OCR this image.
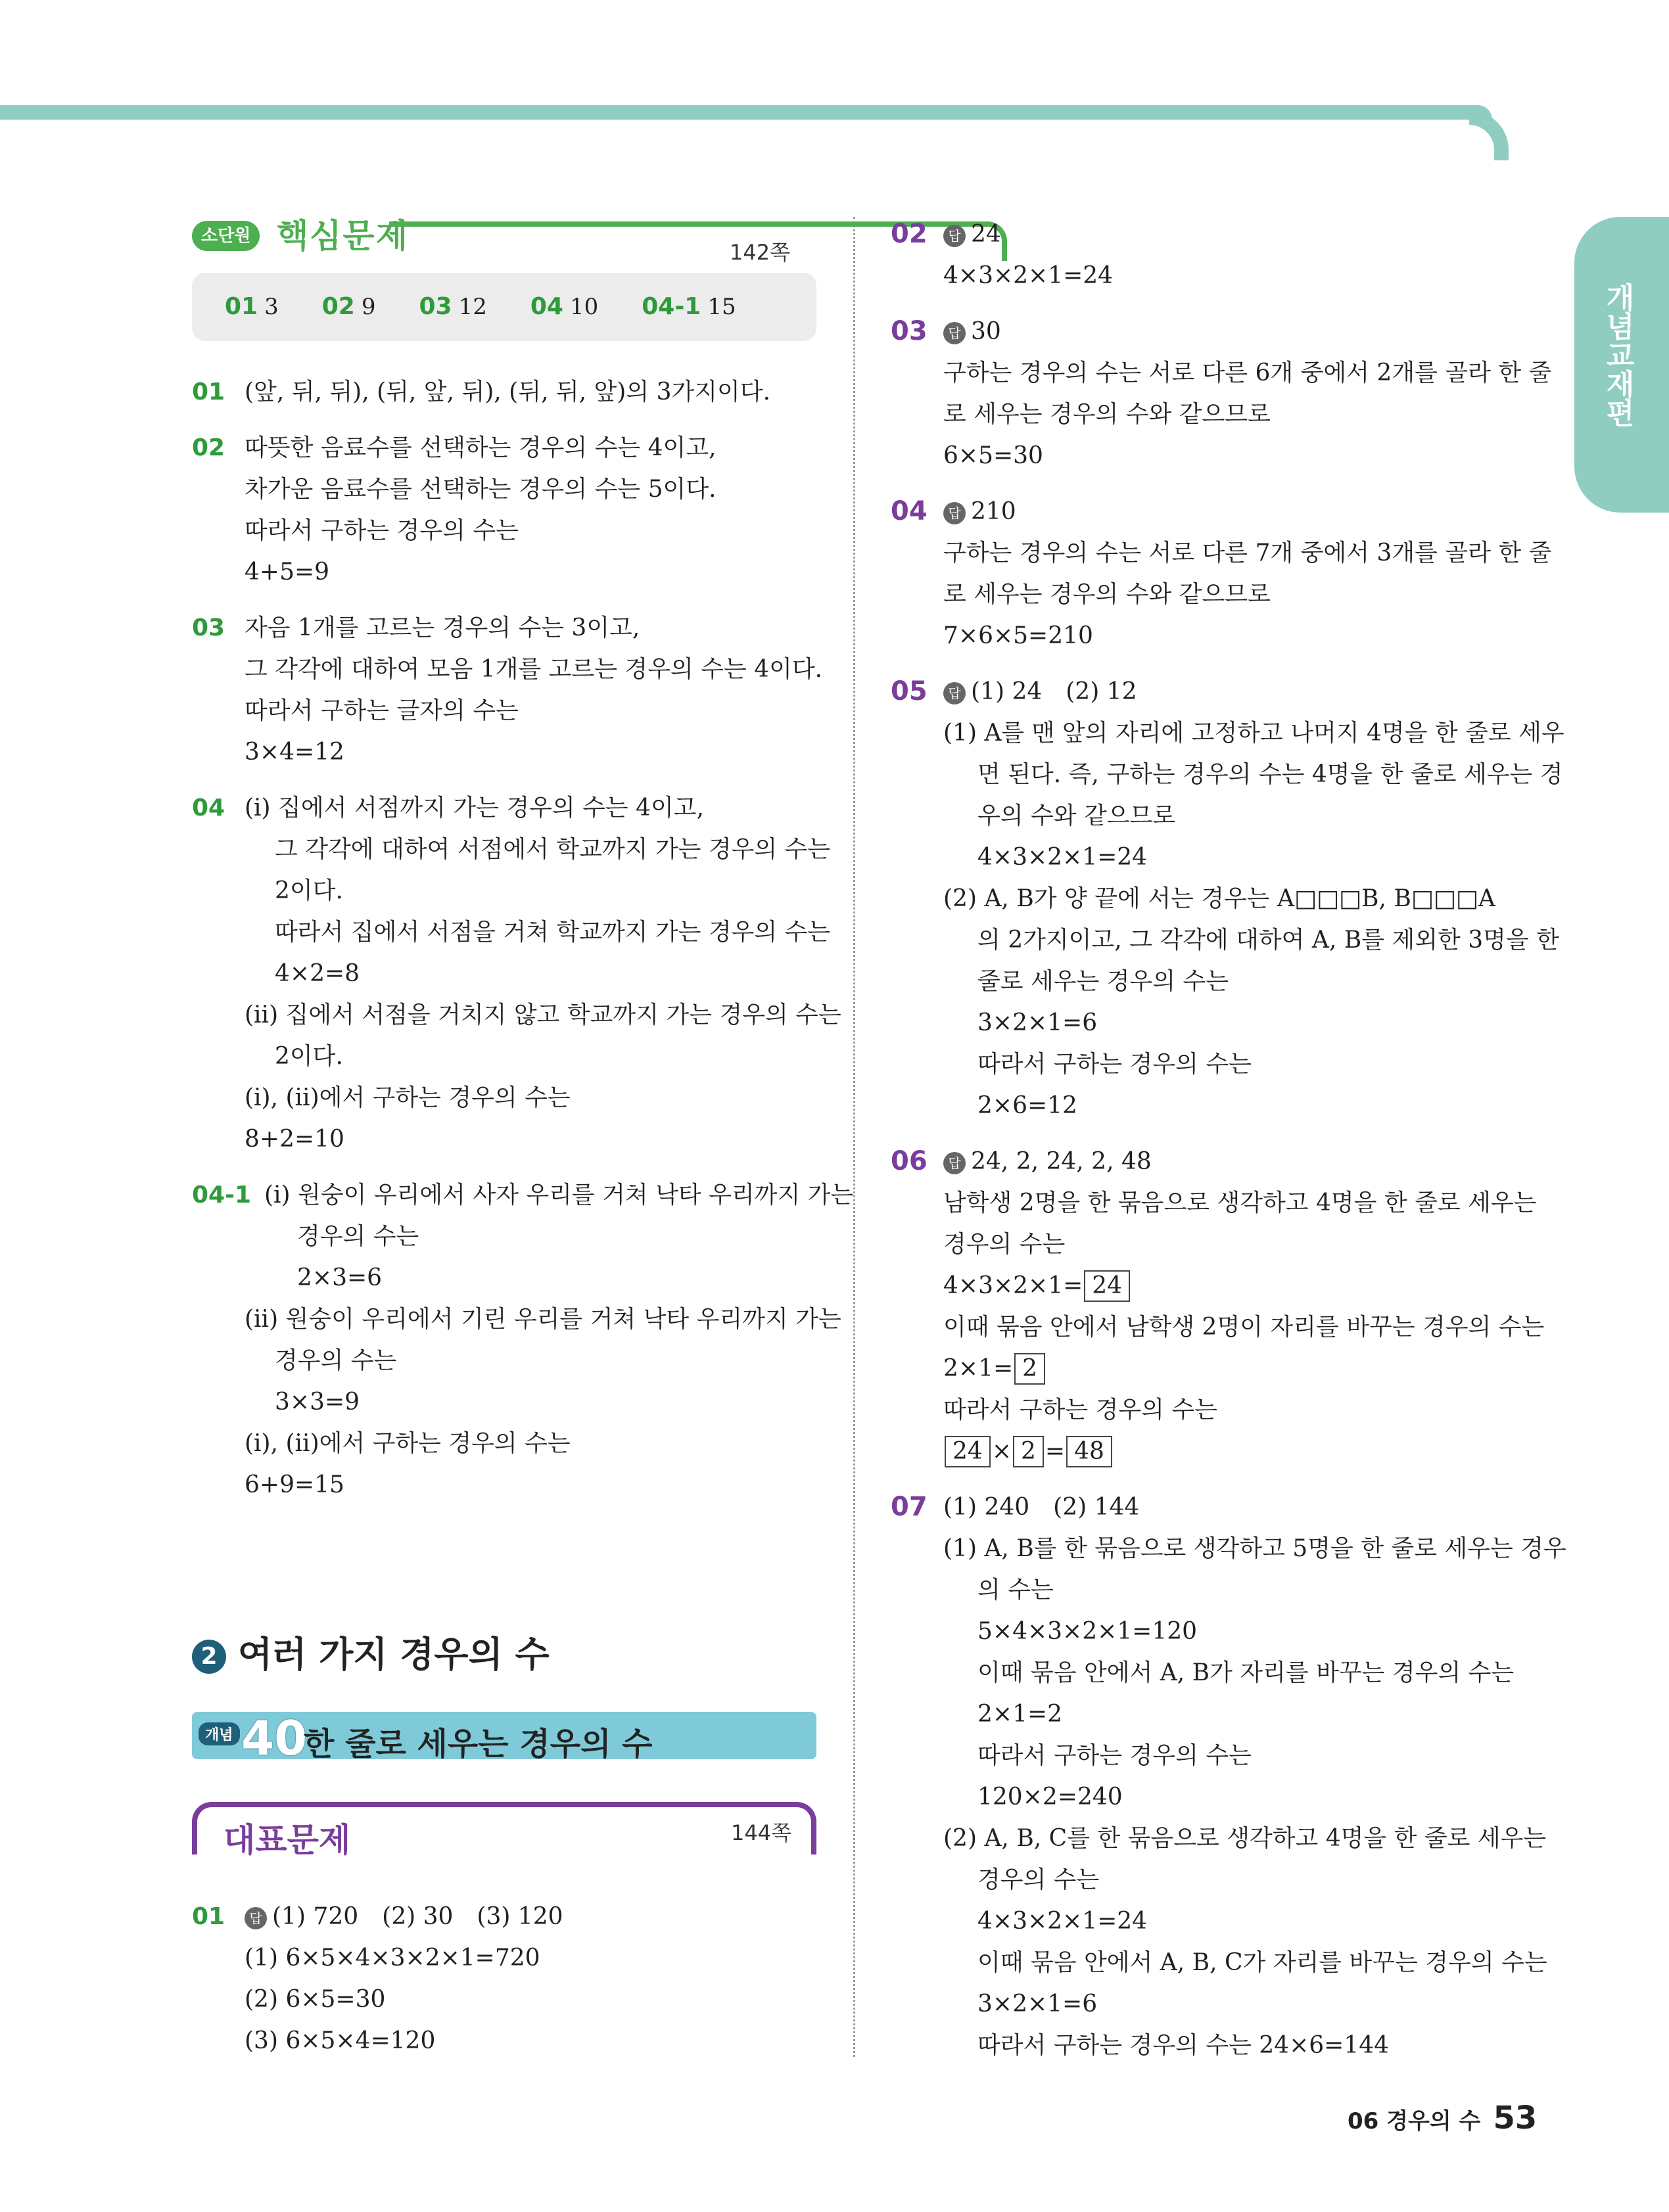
개념교재편
소단원 핵심문제	142쪽
01 3 02 9 03 12 04 10 04-1 15
01 (앞, 뒤, 뒤), (뒤, 앞, 뒤), (뒤, 뒤, 앞)의 3가지이다.
02 따뜻한 음료수를 선택하는 경우의 수는 4이고,
차가운 음료수를 선택하는 경우의 수는 5이다.
따라서 구하는 경우의 수는
4+5=9
03 자음 1개를 고르는 경우의 수는 3이고,
그 각각에 대하여 모음 1개를 고르는 경우의 수는 4이다.
따라서 구하는 글자의 수는
3×4=12
04 (ⅰ) 집에서 서점까지 가는 경우의 수는 4이고,
그 각각에 대하여 서점에서 학교까지 가는 경우의 수는
2이다.
따라서 집에서 서점을 거쳐 학교까지 가는 경우의 수는
4×2=8
(ⅱ) 집에서 서점을 거치지 않고 학교까지 가는 경우의 수는
2이다.
(ⅰ), (ⅱ)에서 구하는 경우의 수는
8+2=10
04-1 (ⅰ) 원숭이 우리에서 사자 우리를 거쳐 낙타 우리까지 가는
경우의 수는
2×3=6
(ⅱ) 원숭이 우리에서 기린 우리를 거쳐 낙타 우리까지 가는
경우의 수는
3×3=9
(ⅰ), (ⅱ)에서 구하는 경우의 수는
6+9=15
2 여러 가지 경우의 수
개념 40
한 줄로 세우는 경우의 수
대표문제	144쪽
01	답 (1) 720　(2) 30　(3) 120
(1) 6×5×4×3×2×1=720
(2) 6×5=30
(3) 6×5×4=120
02	답 24
4×3×2×1=24
03	답 30
구하는 경우의 수는 서로 다른 6개 중에서 2개를 골라 한 줄
로 세우는 경우의 수와 같으므로
6×5=30
04	답 210
구하는 경우의 수는 서로 다른 7개 중에서 3개를 골라 한 줄
로 세우는 경우의 수와 같으므로
7×6×5=210
05	답 (1) 24　(2) 12
(1) A를 맨 앞의 자리에 고정하고 나머지 4명을 한 줄로 세우
면 된다. 즉, 구하는 경우의 수는 4명을 한 줄로 세우는 경
우의 수와 같으므로
4×3×2×1=24
(2) A, B가 양 끝에 서는 경우는 A□□□B, B□□□A
의 2가지이고, 그 각각에 대하여 A, B를 제외한 3명을 한
줄로 세우는 경우의 수는
3×2×1=6
따라서 구하는 경우의 수는
2×6=12
06	답 24, 2, 24, 2, 48
남학생 2명을 한 묶음으로 생각하고 4명을 한 줄로 세우는
경우의 수는
4×3×2×1= 24
이때 묶음 안에서 남학생 2명이 자리를 바꾸는 경우의 수는
2×1= 2
따라서 구하는 경우의 수는
24 × 2 = 48
07 (1) 240　(2) 144
(1) A, B를 한 묶음으로 생각하고 5명을 한 줄로 세우는 경우
의 수는
5×4×3×2×1=120
이때 묶음 안에서 A, B가 자리를 바꾸는 경우의 수는
2×1=2
따라서 구하는 경우의 수는
120×2=240
(2) A, B, C를 한 묶음으로 생각하고 4명을 한 줄로 세우는
경우의 수는
4×3×2×1=24
이때 묶음 안에서 A, B, C가 자리를 바꾸는 경우의 수는
3×2×1=6
따라서 구하는 경우의 수는 24×6=144
06 경우의 수 53
